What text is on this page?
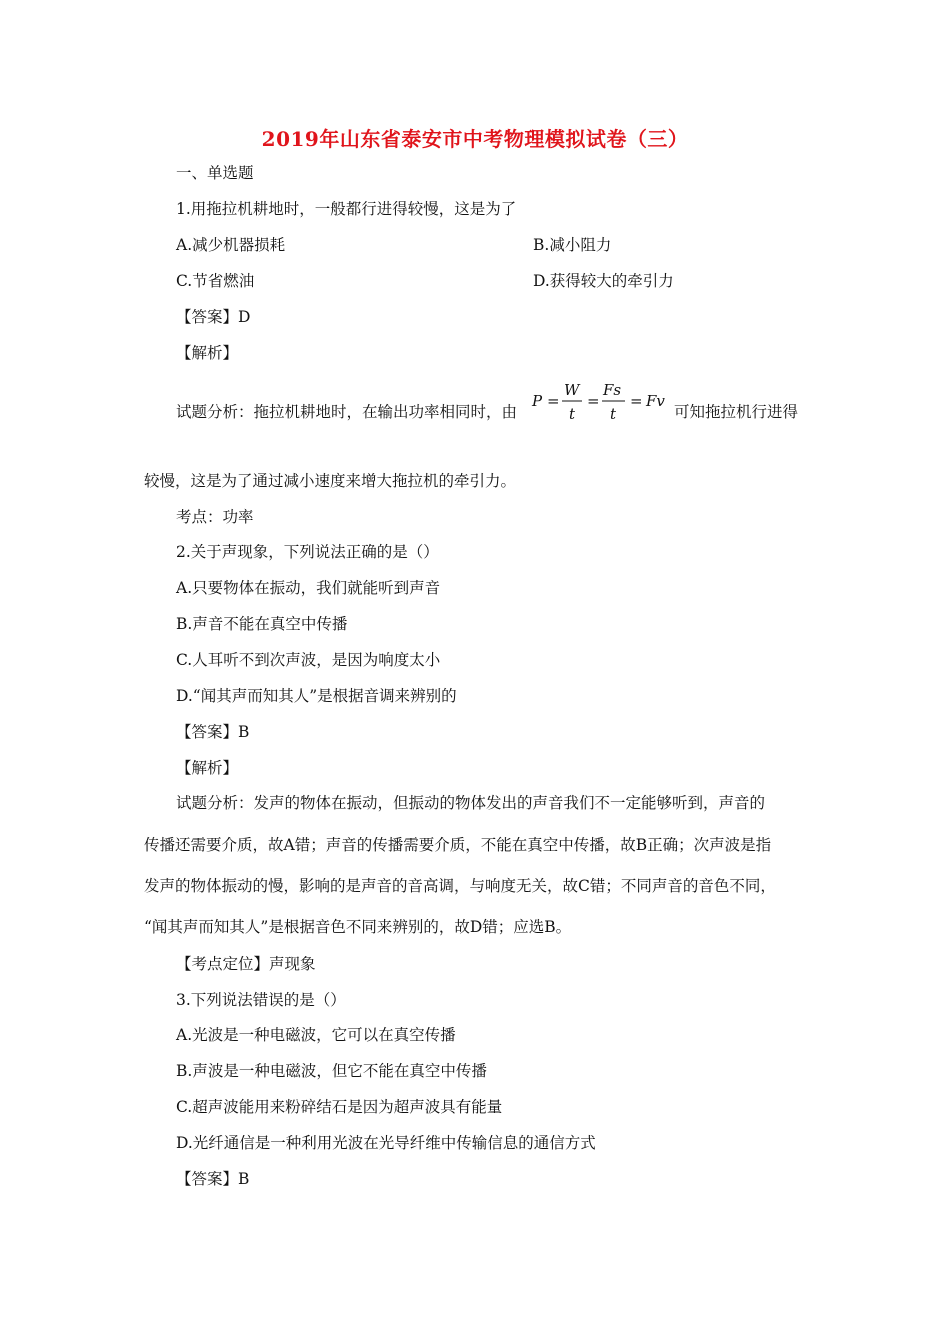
2019年山东省泰安市中考物理模拟试卷（三）
一、单选题
1.用拖拉机耕地时，一般都行进得较慢，这是为了
A.减少机器损耗	B.减小阻力
C.节省燃油	D.获得较大的牵引力
【答案】D
【解析】
试题分析：拖拉机耕地时，在输出功率相同时，由
P =
W
t
=
Fs
t
= Fv
可知拖拉机行进得
较慢，这是为了通过减小速度来增大拖拉机的牵引力。
考点：功率
2.关于声现象，下列说法正确的是（）
A.只要物体在振动，我们就能听到声音
B.声音不能在真空中传播
C.人耳听不到次声波，是因为响度太小
D.“闻其声而知其人”是根据音调来辨别的
【答案】B
【解析】
试题分析：发声的物体在振动，但振动的物体发出的声音我们不一定能够听到，声音的
传播还需要介质，故A错；声音的传播需要介质，不能在真空中传播，故B正确；次声波是指
发声的物体振动的慢，影响的是声音的音高调，与响度无关，故C错；不同声音的音色不同，
“闻其声而知其人”是根据音色不同来辨别的，故D错；应选B。
【考点定位】声现象
3.下列说法错误的是（）
A.光波是一种电磁波，它可以在真空传播
B.声波是一种电磁波，但它不能在真空中传播
C.超声波能用来粉碎结石是因为超声波具有能量
D.光纤通信是一种利用光波在光导纤维中传输信息的通信方式
【答案】B
